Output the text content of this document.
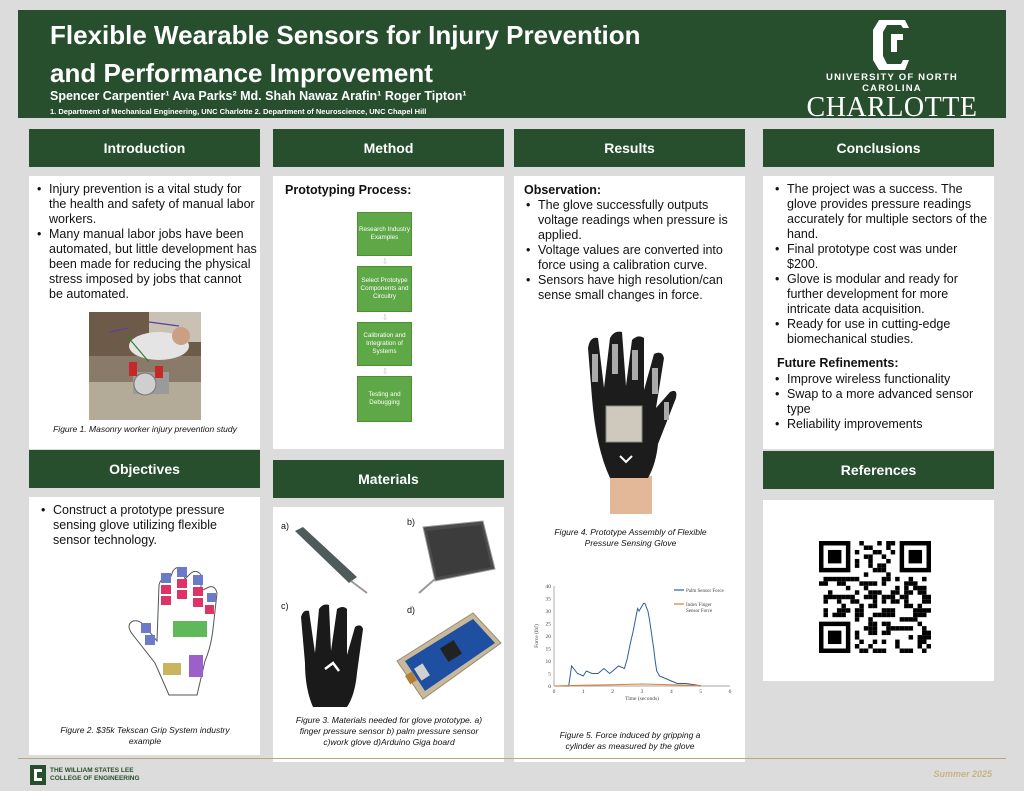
Flexible Wearable Sensors for Injury Prevention
and Performance Improvement
Spencer Carpentier¹ Ava Parks² Md. Shah Nawaz Arafin¹ Roger Tipton¹
1. Department of Mechanical Engineering, UNC Charlotte 2. Department of Neuroscience, UNC Chapel Hill
UNIVERSITY OF NORTH CAROLINA
CHARLOTTE
Introduction
• Injury prevention is a vital study for the health and safety of manual labor workers.
• Many manual labor jobs have been automated, but little development has been made for reducing the physical stress imposed by jobs that cannot be automated.
Figure 1. Masonry worker injury prevention study
Method
Prototyping Process:
Research Industry Examples
⇩
Select Prototype Components and Circuitry
⇩
Calibration and Integration of Systems
⇩
Testing and Debugging
Results
Observation:
• The glove successfully outputs voltage readings when pressure is applied.
• Voltage values are converted into force using a calibration curve.
• Sensors have high resolution/can sense small changes in force.
Figure 4. Prototype Assembly of Flexible Pressure Sensing Glove
0
5
10
15
20
25
30
35
40
0	1	2	3	4	5	6
Time (seconds)
Force (lbf)
Palm Sensor Force
Index Finger
Sensor Force
Figure 5. Force induced by gripping a cylinder as measured by the glove
Conclusions
• The project was a success. The glove provides pressure readings accurately for multiple sectors of the hand.
• Final prototype cost was under $200.
• Glove is modular and ready for further development for more intricate data acquisition.
• Ready for use in cutting-edge biomechanical studies.
Future Refinements:
• Improve wireless functionality
• Swap to a more advanced sensor type
• Reliability improvements
Objectives
• Construct a prototype pressure sensing glove utilizing flexible sensor technology.
Figure 2. $35k Tekscan Grip System industry example
Materials
a)	b)
c)	d)
Figure 3. Materials needed for glove prototype. a) finger pressure sensor b) palm pressure sensor c)work glove d)Arduino Giga board
References
THE WILLIAM STATES LEE
COLLEGE OF ENGINEERING	Summer 2025
